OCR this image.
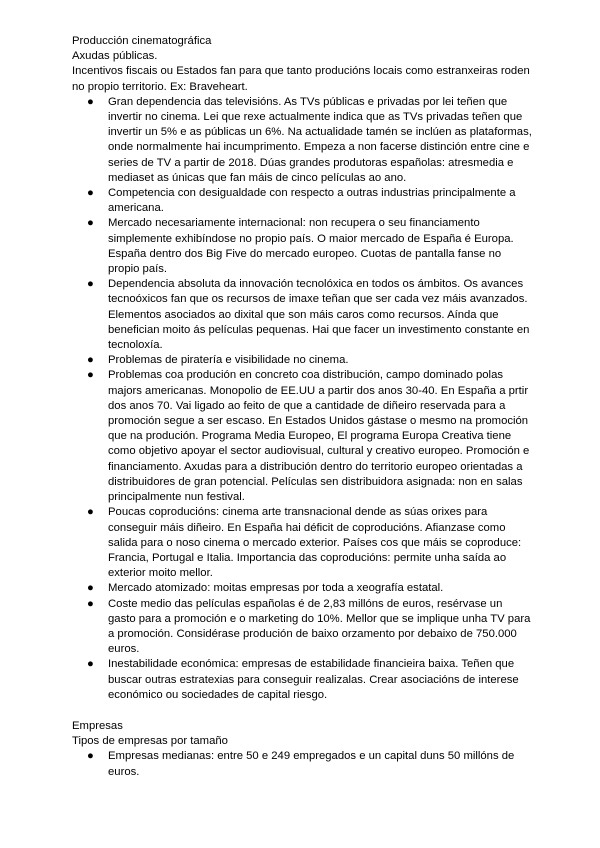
Producción cinematográfica

Axudas públicas.

Incentivos fiscais ou Estados fan para que tanto producións locais como estranxeiras roden no propio territorio. Ex: Braveheart.

● Gran dependencia das televisións. As TVs públicas e privadas por lei teñen que invertir no cinema. Lei que rexe actualmente indica que as TVs privadas teñen que invertir un 5% e as públicas un 6%. Na actualidade tamén se inclúen as plataformas, onde normalmente hai incumprimento. Empeza a non facerse distinción entre cine e series de TV a partir de 2018. Dúas grandes produtoras españolas: atresmedia e mediaset as únicas que fan máis de cinco películas ao ano.
● Competencia con desigualdade con respecto a outras industrias principalmente a americana.
● Mercado necesariamente internacional: non recupera o seu financiamento simplemente exhibíndose no propio país. O maior mercado de España é Europa. España dentro dos Big Five do mercado europeo. Cuotas de pantalla fanse no propio país.
● Dependencia absoluta da innovación tecnolóxica en todos os ámbitos. Os avances tecnoóxicos fan que os recursos de imaxe teñan que ser cada vez máis avanzados. Elementos asociados ao dixital que son máis caros como recursos. Aínda que benefician moito ás películas pequenas. Hai que facer un investimento constante en tecnoloxía.
● Problemas de piratería e visibilidade no cinema.
● Problemas coa produción en concreto coa distribución, campo dominado polas majors americanas. Monopolio de EE.UU a partir dos anos 30-40. En España a prtir dos anos 70. Vai ligado ao feito de que a cantidade de diñeiro reservada para a promoción segue a ser escaso. En Estados Unidos gástase o mesmo na promoción que na produción. Programa Media Europeo, El programa Europa Creativa tiene como objetivo apoyar el sector audiovisual, cultural y creativo europeo. Promoción e financiamento. Axudas para a distribución dentro do territorio europeo orientadas a distribuidores de gran potencial. Películas sen distribuidora asignada: non en salas principalmente nun festival.
● Poucas coproducións: cinema arte transnacional dende as súas orixes para conseguir máis diñeiro. En España hai déficit de coproducións. Afianzase como salida para o noso cinema o mercado exterior. Países cos que máis se coproduce: Francia, Portugal e Italia. Importancia das coproducións: permite unha saída ao exterior moito mellor.
● Mercado atomizado: moitas empresas por toda a xeografía estatal.
● Coste medio das películas españolas é de 2,83 millóns de euros, resérvase un gasto para a promoción e o marketing do 10%. Mellor que se implique unha TV para a promoción. Considérase produción de baixo orzamento por debaixo de 750.000 euros.
● Inestabilidade económica: empresas de estabilidade financieira baixa. Teñen que buscar outras estratexias para conseguir realizalas. Crear asociacións de interese económico ou sociedades de capital riesgo.

Empresas

Tipos de empresas por tamaño

● Empresas medianas: entre 50 e 249 empregados e un capital duns 50 millóns de euros.
